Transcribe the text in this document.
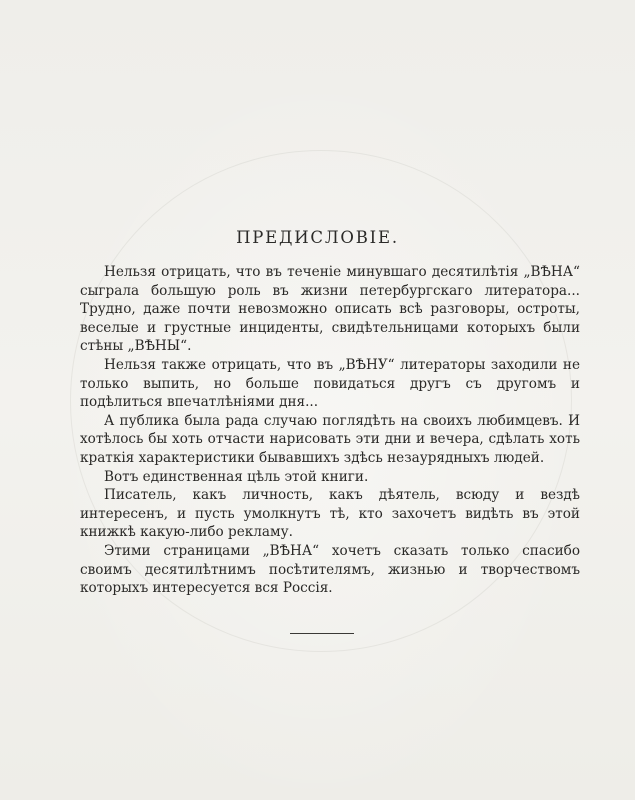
ПРЕДИСЛОВІЕ.

Нельзя отрицать, что въ теченіе минувшаго десятилѣтія „ВѢНА“ сыграла большую роль въ жизни петербургскаго литератора... Трудно, даже почти невозможно описать всѣ разговоры, остроты, веселые и грустные инциденты, свидѣтельницами которыхъ были стѣны „ВѢНЫ“.

Нельзя также отрицать, что въ „ВѢНУ“ литераторы заходили не только выпить, но больше повидаться другъ съ другомъ и подѣлиться впечатлѣніями дня...

А публика была рада случаю поглядѣть на своихъ любимцевъ. И хотѣлось бы хоть отчасти нарисовать эти дни и вечера, сдѣлать хоть краткія характеристики бывавшихъ здѣсь незаурядныхъ людей.

Вотъ единственная цѣль этой книги.

Писатель, какъ личность, какъ дѣятель, всюду и вездѣ интересенъ, и пусть умолкнутъ тѣ, кто захочетъ видѣть въ этой книжкѣ какую-либо рекламу.

Этими страницами „ВѢНА“ хочетъ сказать только спасибо своимъ десятилѣтнимъ посѣтителямъ, жизнью и творчествомъ которыхъ интересуется вся Россія.
